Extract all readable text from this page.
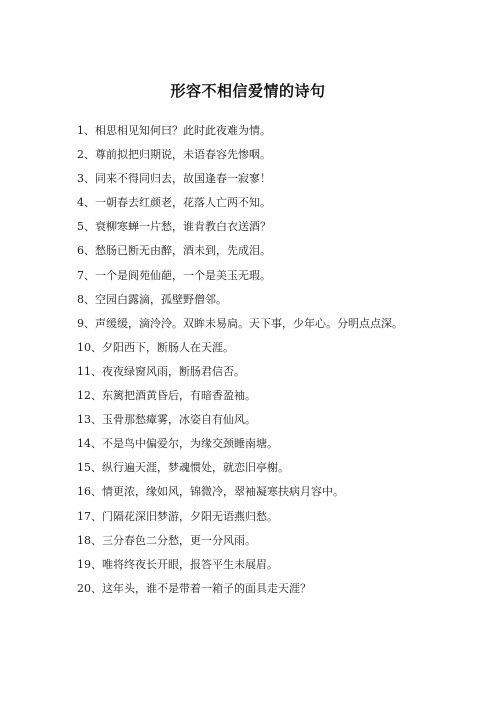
形容不相信爱情的诗句
1、相思相见知何曰？此时此夜难为情。
2、尊前拟把归期说，未语春容先惨咽。
3、同来不得同归去，故国逢春一寂寥！
4、一朝春去红颜老，花落人亡两不知。
5、衰柳寒蝉一片愁，谁肯教白衣送酒？
6、愁肠已断无由醉，酒未到，先成泪。
7、一个是阆苑仙葩，一个是美玉无瑕。
8、空园白露滴，孤壁野僧邻。
9、声缓缓，滴泠泠。双眸未易扃。天下事，少年心。分明点点深。
10、夕阳西下，断肠人在天涯。
11、夜夜绿窗风雨，断肠君信否。
12、东篱把酒黄昏后，有暗香盈袖。
13、玉骨那愁瘴雾，冰姿自有仙风。
14、不是鸟中偏爱尔，为缘交颈睡南塘。
15、纵行遍天涯，梦魂惯处，就恋旧亭榭。
16、情更浓，缘如风，锦微冷，翠袖凝寒扶病月容中。
17、门隔花深旧梦游，夕阳无语燕归愁。
18、三分春色二分愁，更一分风雨。
19、唯将终夜长开眼，报答平生未展眉。
20、这年头，谁不是带着一箱子的面具走天涯？
